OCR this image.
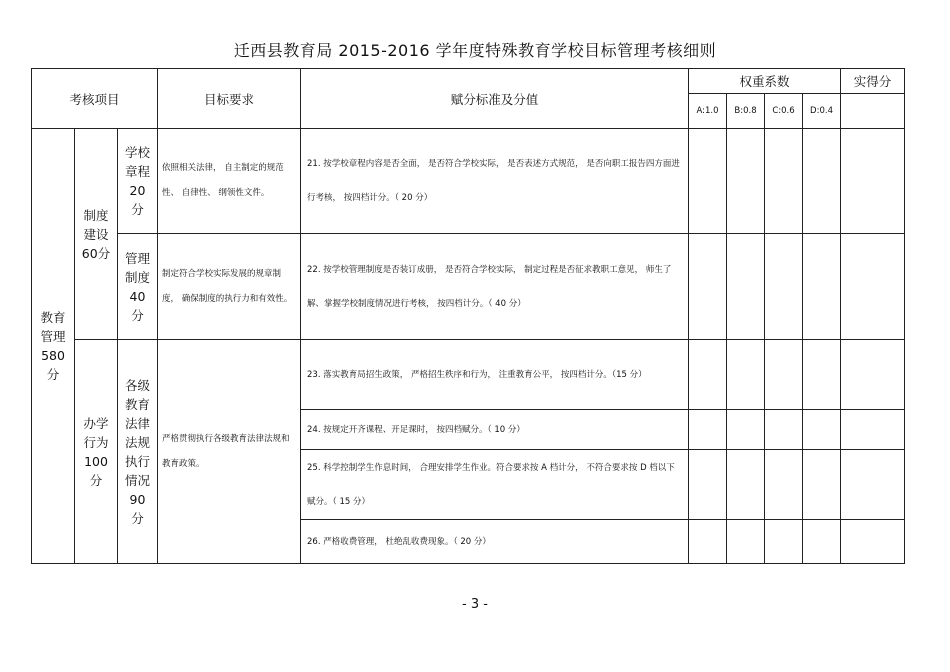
迁西县教育局 2015-2016 学年度特殊教育学校目标管理考核细则
考核项目			目标要求	赋分标准及分值	权重系数				实得分
					A:1.0	B:0.8	C:0.6	D:0.4	

教育管理580分	制度建设60分	学校章程20分	依照相关法律， 自主制定的规范性、 自律性、 纲领性文件。	21. 按学校章程内容是否全面， 是否符合学校实际， 是否表述方式规范， 是否向职工报告四方面进行考核， 按四档计分。（ 20 分）					

		管理制度40分	制定符合学校实际发展的规章制度， 确保制度的执行力和有效性。	22. 按学校管理制度是否装订成册， 是否符合学校实际， 制定过程是否征求教职工意见， 师生了解、掌握学校制度情况进行考核， 按四档计分。（ 40 分）					

	办学行为100分	各级教育法律法规执行情况90分	严格贯彻执行各级教育法律法规和教育政策。	23. 落实教育局招生政策， 严格招生秩序和行为， 注重教育公平， 按四档计分。（15 分）					
				24. 按规定开齐课程、开足课时， 按四档赋分。（ 10 分）					
				25. 科学控制学生作息时间， 合理安排学生作业。符合要求按 A 档计分， 不符合要求按 D 档以下赋分。（ 15 分）					
				26. 严格收费管理， 杜绝乱收费现象。（ 20 分）					
- 3 -
